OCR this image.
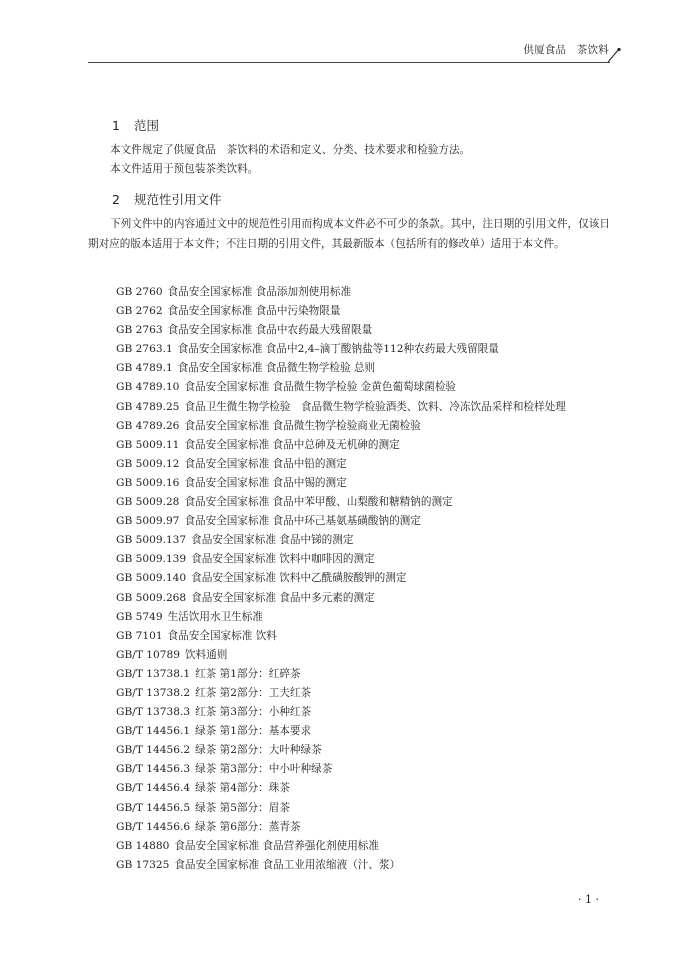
供厦食品　茶饮料
1 范围

本文件规定了供厦食品　茶饮料的术语和定义、分类、技术要求和检验方法。

本文件适用于预包装茶类饮料。

2 规范性引用文件

下列文件中的内容通过文中的规范性引用而构成本文件必不可少的条款。其中，注日期的引用文件，仅该日期对应的版本适用于本文件；不注日期的引用文件，其最新版本（包括所有的修改单）适用于本文件。

GB 2760 食品安全国家标准 食品添加剂使用标准
GB 2762 食品安全国家标准 食品中污染物限量
GB 2763 食品安全国家标准 食品中农药最大残留限量
GB 2763.1 食品安全国家标准 食品中2,4–滴丁酸钠盐等112种农药最大残留限量
GB 4789.1 食品安全国家标准 食品微生物学检验 总则
GB 4789.10 食品安全国家标准 食品微生物学检验 金黄色葡萄球菌检验
GB 4789.25 食品卫生微生物学检验　食品微生物学检验酒类、饮料、冷冻饮品采样和检样处理
GB 4789.26 食品安全国家标准 食品微生物学检验商业无菌检验
GB 5009.11 食品安全国家标准 食品中总砷及无机砷的测定
GB 5009.12 食品安全国家标准 食品中铅的测定
GB 5009.16 食品安全国家标准 食品中锡的测定
GB 5009.28 食品安全国家标准 食品中苯甲酸、山梨酸和糖精钠的测定
GB 5009.97 食品安全国家标准 食品中环己基氨基磺酸钠的测定
GB 5009.137 食品安全国家标准 食品中锑的测定
GB 5009.139 食品安全国家标准 饮料中咖啡因的测定
GB 5009.140 食品安全国家标准 饮料中乙酰磺胺酸钾的测定
GB 5009.268 食品安全国家标准 食品中多元素的测定
GB 5749 生活饮用水卫生标准
GB 7101 食品安全国家标准 饮料
GB/T 10789 饮料通则
GB/T 13738.1 红茶 第1部分：红碎茶
GB/T 13738.2 红茶 第2部分：工夫红茶
GB/T 13738.3 红茶 第3部分：小种红茶
GB/T 14456.1 绿茶 第1部分：基本要求
GB/T 14456.2 绿茶 第2部分：大叶种绿茶
GB/T 14456.3 绿茶 第3部分：中小叶种绿茶
GB/T 14456.4 绿茶 第4部分：珠茶
GB/T 14456.5 绿茶 第5部分：眉茶
GB/T 14456.6 绿茶 第6部分：蒸青茶
GB 14880 食品安全国家标准 食品营养强化剂使用标准
GB 17325 食品安全国家标准 食品工业用浓缩液（汁、浆）
· 1 ·
